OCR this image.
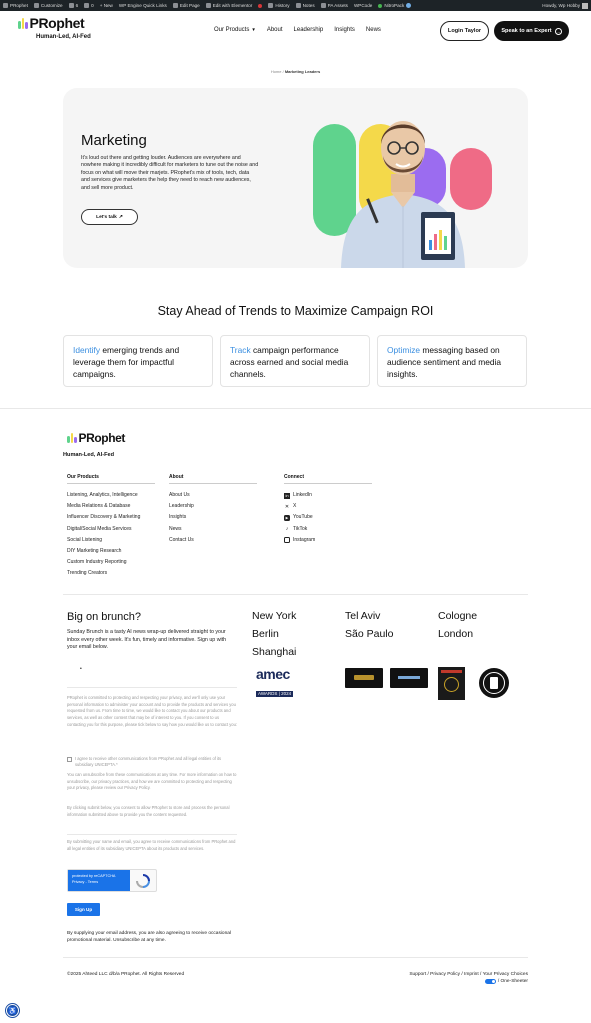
PRophet	Customize	6	0 + New WP Engine Quick Links	Edit Page	Edit with Elementor	History	Notes	PA Assets WPCode	NitroPack	Howdy, Wp Hobby
PRophet
Human-Led, AI-Fed
Our Products ▼ About Leadership Insights News	Login Taylor	Speak to an Expert	→
Home / Marketing Leaders
Marketing

It's loud out there and getting louder. Audiences are everywhere and nowhere making it incredibly difficult for marketers to tune out the noise and focus on what will move their marjets. PRophet's mix of tools, tech, data and services give marketers the help they need to reach new audiences, and sell more product.

Let's talk ↗
Stay Ahead of Trends to Maximize Campaign ROI
Identify emerging trends and leverage them for impactful campaigns.
Track campaign performance across earned and social media channels.
Optimize messaging based on audience sentiment and media insights.
PRophet
Human-Led, AI-Fed
Our Products
Listening, Analytics, Intelligence
Media Relations & Database
Influencer Discovery & Marketing
Digital/Social Media Services
Social Listening
DIY Marketing Research
Custom Industry Reporting
Trending Creators
About
About Us
Leadership
Insights
News
Contact Us
Connect
in LinkedIn
✕ X
▶ YouTube
♪ TikTok
Instagram
Big on brunch?
Sunday Brunch is a tasty AI news wrap-up delivered straight to your inbox every other week. It's fun, timely and informative. Sign up with your email below.
•
PRophet is committed to protecting and respecting your privacy, and we'll only use your personal information to administer your account and to provide the products and services you requested from us. From time to time, we would like to contact you about our products and services, as well as other content that may be of interest to you. If you consent to us contacting you for this purpose, please tick below to say how you would like us to contact you:
I agree to receive other communications from PRophet and all legal entities of its subsidiary UNICEPTA.*
You can unsubscribe from these communications at any time. For more information on how to unsubscribe, our privacy practices, and how we are committed to protecting and respecting your privacy, please review our Privacy Policy.
By clicking submit below, you consent to allow PRophet to store and process the personal information submitted above to provide you the content requested.
By submitting your name and email, you agree to receive communications from PRophet and all legal entities of its subsidiary UNICEPTA about its products and services.
protected by reCAPTCHA
Privacy - Terms
Sign Up
By supplying your email address, you are also agreeing to receive occasional promotional material. Unsubscribe at any time.
New York	Tel Aviv	Cologne
Berlin	São Paulo	London
Shanghai
amec
AWARDS | 2024
©2025 Ahteed LLC d/b/a PRophet. All Rights Reserved	Support / Privacy Policy / Imprint / Your Privacy Choices
/ One-Sheeter
♿
